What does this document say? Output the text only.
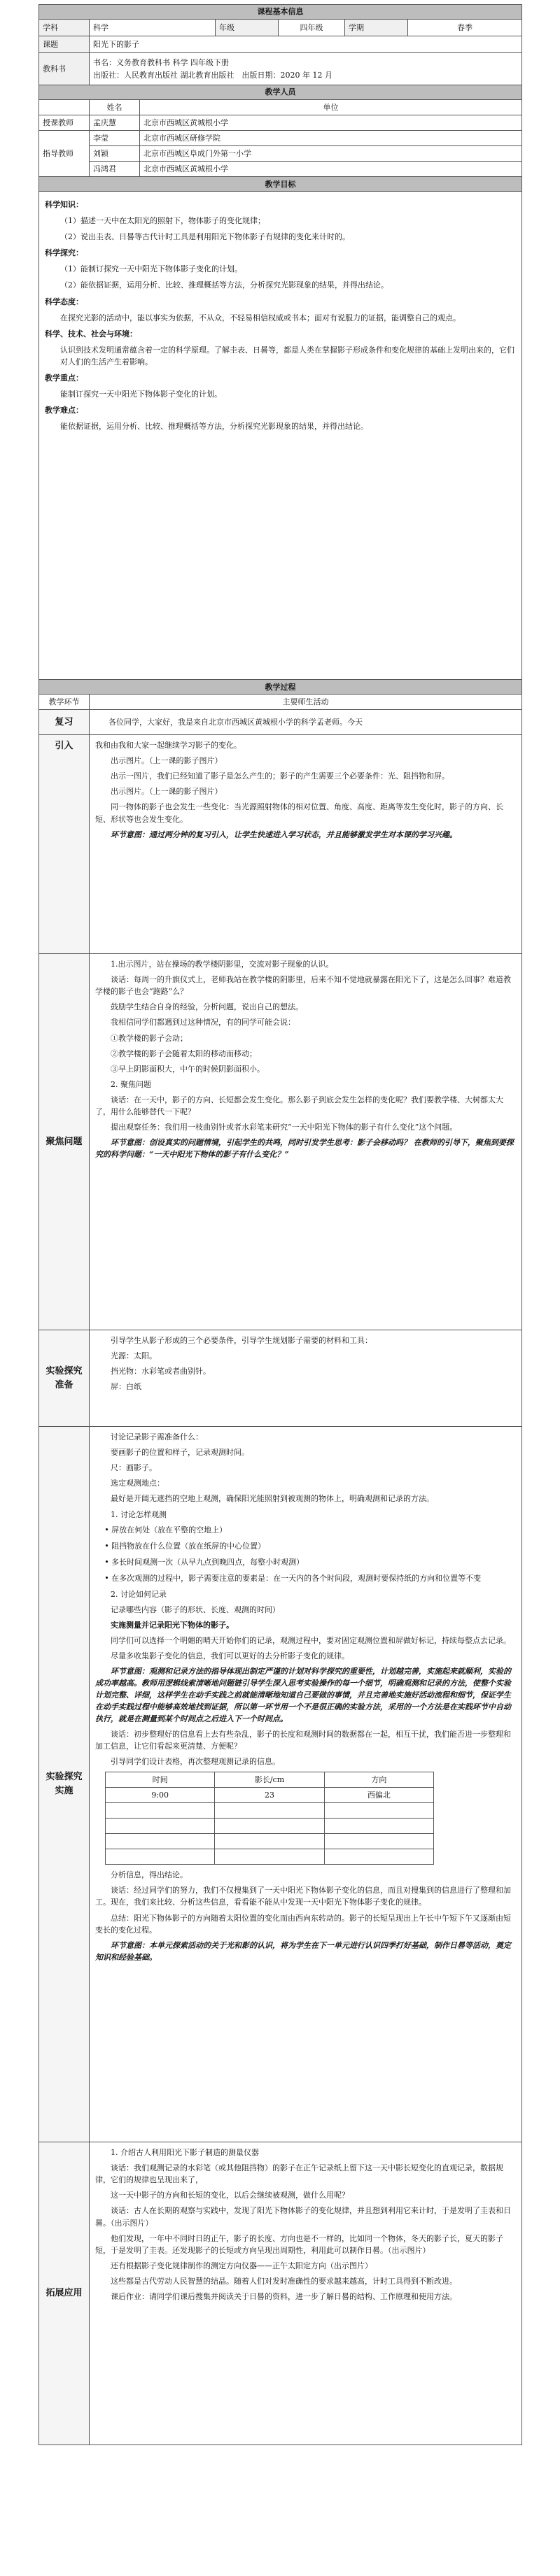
课程基本信息
学科	科学	年级	四年级	学期	春季
课题	阳光下的影子
教科书	
书名：义务教育教科书 科学 四年级下册
出版社：人民教育出版社 湖北教育出版社　出版日期：2020 年 12 月

教学人员
	姓名	单位
授课教师	孟庆慧	北京市西城区黄城根小学
指导教师	李莹	北京市西城区研修学院
刘颖	北京市西城区阜成门外第一小学
冯鸿君	北京市西城区黄城根小学
教学目标

科学知识：

（1）描述一天中在太阳光的照射下，物体影子的变化规律；

（2）说出圭表、日晷等古代计时工具是利用阳光下物体影子有规律的变化来计时的。

科学探究：

（1）能制订探究一天中阳光下物体影子变化的计划。

（2）能依据证据，运用分析、比较、推理概括等方法，分析探究光影现象的结果，并得出结论。

科学态度：

在探究光影的活动中，能以事实为依据，不从众，不轻易相信权威或书本；面对有说服力的证据，能调整自己的观点。

科学、技术、社会与环境：

认识到技术发明通常蕴含着一定的科学原理。了解圭表、日晷等，都是人类在掌握影子形成条件和变化规律的基础上发明出来的，它们对人们的生活产生着影响。

教学重点：

能制订探究一天中阳光下物体影子变化的计划。

教学难点：

能依据证据，运用分析、比较、推理概括等方法，分析探究光影现象的结果，并得出结论。

教学过程
教学环节	主要师生活动
复习	各位同学，大家好，我是来自北京市西城区黄城根小学的科学孟老师。今天

引入	我和由我和大家一起继续学习影子的变化。

出示图片。（上一课的影子图片）

出示一图片，我们已经知道了影子是怎么产生的；影子的产生需要三个必要条件：光、阻挡物和屏。

出示图片。（上一课的影子图片）

同一物体的影子也会发生一些变化：当光源照射物体的相对位置、角度、高度、距离等发生变化时，影子的方向、长短、形状等也会发生变化。

环节意图：通过两分钟的复习引入，让学生快速进入学习状态，并且能够激发学生对本课的学习兴趣。

聚焦问题	

1.出示图片，站在操场的教学楼阴影里，交流对影子现象的认识。

谈话：每周一的升旗仪式上，老师我站在教学楼的阴影里，后来不知不觉地就暴露在阳光下了，这是怎么回事？难道教学楼的影子也会“跑路”么？

鼓励学生结合自身的经验，分析问题，说出自己的想法。

我相信同学们都遇到过这种情况，有的同学可能会说：

①教学楼的影子会动；

②教学楼的影子会随着太阳的移动而移动；

③早上阴影面积大，中午的时候阴影面积小。

2. 聚焦问题

谈话：在一天中，影子的方向、长短都会发生变化。那么影子到底会发生怎样的变化呢？我们要教学楼、大树都太大了，用什么能够替代一下呢？

提出观察任务：我们用一枝曲别针或者水彩笔来研究“一天中阳光下物体的影子有什么变化”这个问题。

环节意图：创设真实的问题情境，引起学生的共鸣，同时引发学生思考：影子会移动吗？ 在教师的引导下，聚焦到要探究的科学问题：“一天中阳光下物体的影子有什么变化？”

实验探究准备	

引导学生从影子形成的三个必要条件，引导学生规划影子需要的材料和工具：

光源：太阳。

挡光物：水彩笔或者曲别针。

屏：白纸

实验探究实施	

讨论记录影子需准备什么：

要画影子的位置和样子，记录观测时间。

尺：画影子。

选定观测地点：

最好是开阔无遮挡的空地上观测，确保阳光能照射到被观测的物体上，明确观测和记录的方法。

1. 讨论怎样观测

• 屏放在何处（放在平整的空地上）

• 阻挡物放在什么位置（放在纸屏的中心位置）

• 多长时间观测一次（从早九点到晚四点，每整小时观测）

• 在多次观测的过程中，影子需要注意的要素是：在一天内的各个时间段，观测时要保持纸的方向和位置等不变

2. 讨论如何记录

记录哪些内容（影子的形状、长度、观测的时间）

实施测量并记录阳光下物体的影子。

同学们可以选择一个明媚的晴天开始你们的记录，观测过程中，要对固定观测位置和屏做好标记，持续每整点去记录。

尽量多收集影子变化的信息，我们可以更好的去分析影子变化的规律。

环节意图：观测和记录方法的指导体现出制定严谨的计划对科学探究的重要性，计划越完善，实施起来就顺利，实验的成功率越高。教师用逻辑线索清晰地问题链引导学生深入思考实验操作的每一个细节，明确观测和记录的方法，使整个实验计划完整、详细，这样学生在动手实践之前就能清晰地知道自己要做的事情，并且完善地实施好活动流程和细节，保证学生在动手实践过程中能够高效地找到证据，所以第一环节用一个不是很正确的实验方法，采用的一个方法是在实践环节中自动执行，就是在测量到某个时间点之后进入下一个时间点。

谈话：初步整理好的信息看上去有些杂乱，影子的长度和观测时间的数据都在一起，相互干扰，我们能否进一步整理和加工信息，让它们看起来更清楚、方便呢？

引导同学们设计表格，再次整理观测记录的信息。

时间	影长/cm	方向
9:00	23	西偏北

分析信息，得出结论。

谈话：经过同学们的努力，我们不仅搜集到了一天中阳光下物体影子变化的信息，而且对搜集到的信息进行了整理和加工。现在，我们来比较、分析这些信息，看看能不能从中发现一天中阳光下物体影子变化的规律。

总结：阳光下物体影子的方向随着太阳位置的变化而由西向东转动的。影子的长短呈现出上午长中午短下午又逐渐由短变长的变化过程。

环节意图：本单元探索活动的关于光和影的认识，将为学生在下一单元进行认识四季打好基础，制作日晷等活动，奠定知识和经验基础。

拓展应用	

1. 介绍古人利用阳光下影子制造的测量仪器

谈话：我们观测记录的水彩笔（或其他阻挡物）的影子在正午记录纸上留下这一天中影长短变化的直观记录，数据规律，它们的规律也呈现出来了，

这一天中影子的方向和长短的变化，以后会继续被观测，做什么用呢？

谈话：古人在长期的观察与实践中，发现了阳光下物体影子的变化规律，并且想到利用它来计时，于是发明了圭表和日晷。（出示图片）

他们发现，一年中不同时日的正午，影子的长度、方向也是不一样的，比如同一个物体，冬天的影子长，夏天的影子短，于是发明了圭表。还发现影子的长短或方向呈现出周期性，利用此可以制作日晷。（出示图片）

还有根据影子变化规律制作的测定方向仪器——正午太阳定方向（出示图片）

这些都是古代劳动人民智慧的结晶。随着人们对发时准确性的要求越来越高，计时工具得到不断改进。

课后作业：请同学们课后搜集并阅读关于日晷的资料，进一步了解日晷的结构、工作原理和使用方法。
